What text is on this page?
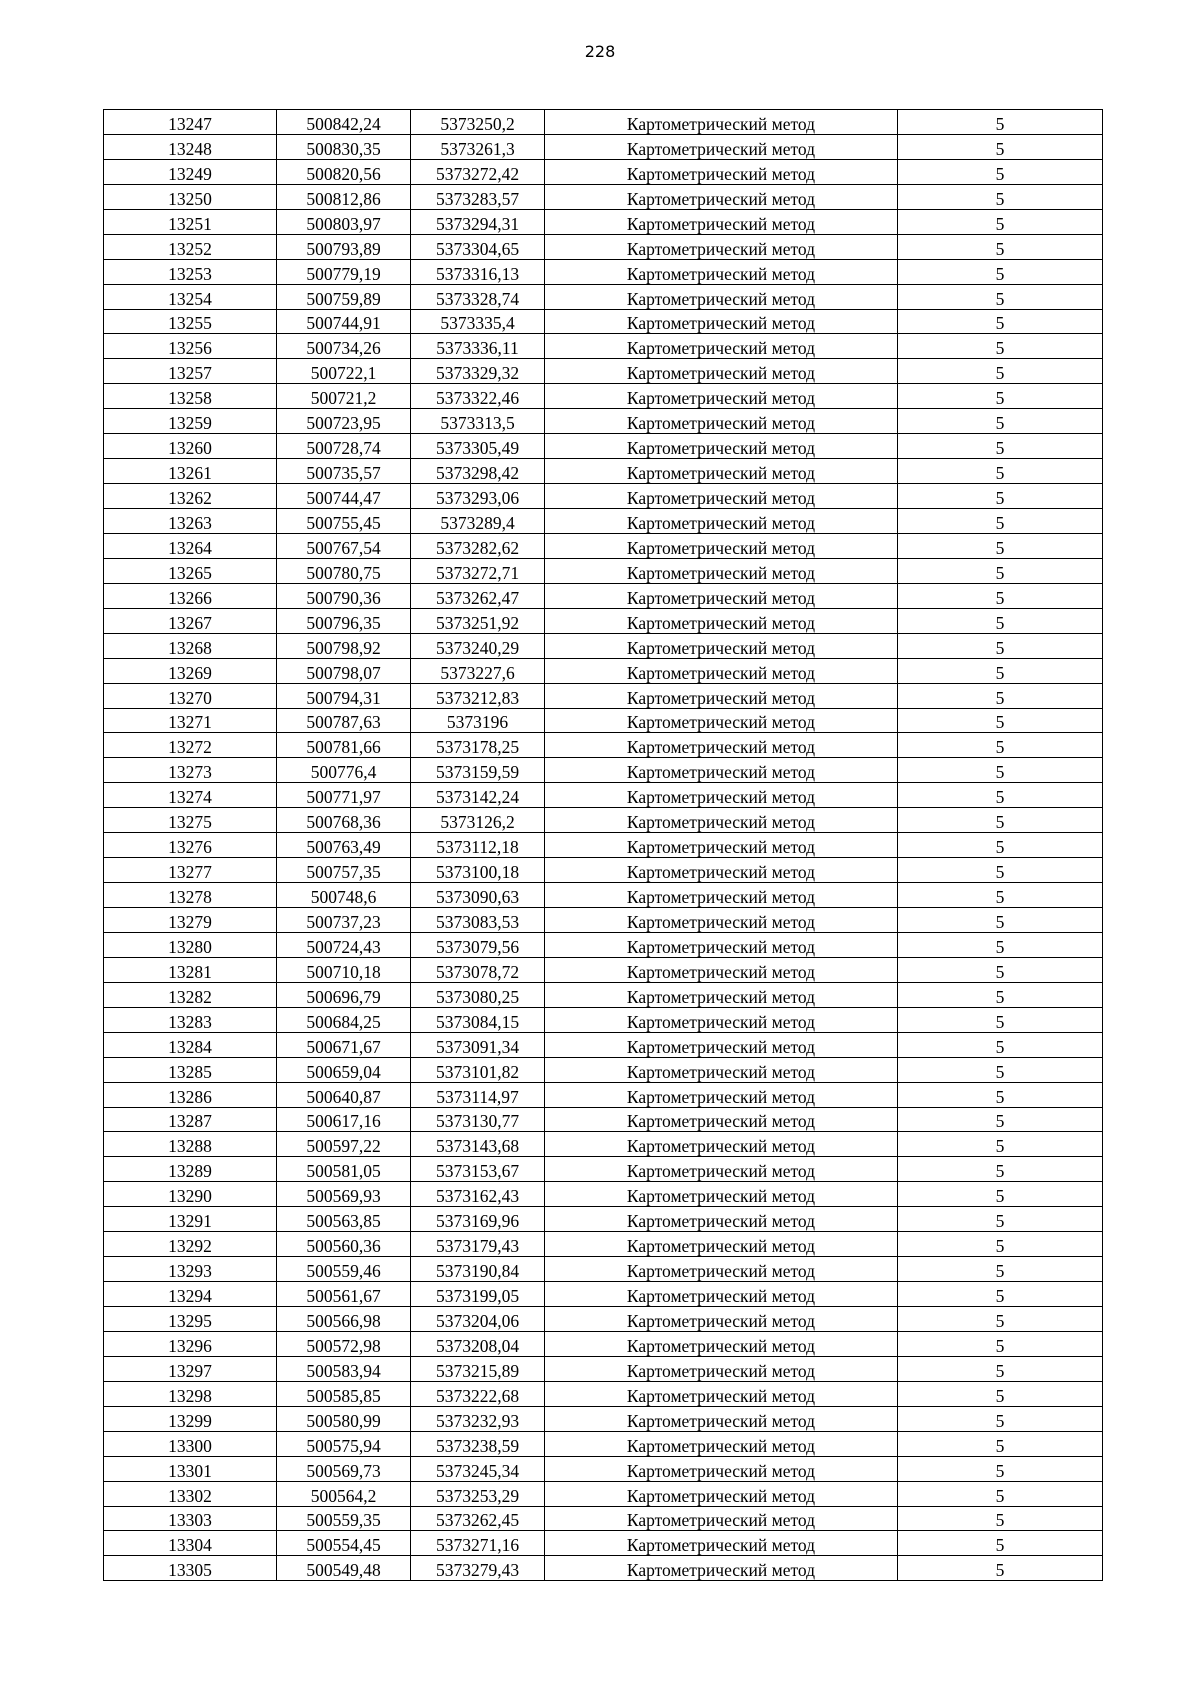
228
13247	500842,24	5373250,2	Картометрический метод	5
13248	500830,35	5373261,3	Картометрический метод	5
13249	500820,56	5373272,42	Картометрический метод	5
13250	500812,86	5373283,57	Картометрический метод	5
13251	500803,97	5373294,31	Картометрический метод	5
13252	500793,89	5373304,65	Картометрический метод	5
13253	500779,19	5373316,13	Картометрический метод	5
13254	500759,89	5373328,74	Картометрический метод	5
13255	500744,91	5373335,4	Картометрический метод	5
13256	500734,26	5373336,11	Картометрический метод	5
13257	500722,1	5373329,32	Картометрический метод	5
13258	500721,2	5373322,46	Картометрический метод	5
13259	500723,95	5373313,5	Картометрический метод	5
13260	500728,74	5373305,49	Картометрический метод	5
13261	500735,57	5373298,42	Картометрический метод	5
13262	500744,47	5373293,06	Картометрический метод	5
13263	500755,45	5373289,4	Картометрический метод	5
13264	500767,54	5373282,62	Картометрический метод	5
13265	500780,75	5373272,71	Картометрический метод	5
13266	500790,36	5373262,47	Картометрический метод	5
13267	500796,35	5373251,92	Картометрический метод	5
13268	500798,92	5373240,29	Картометрический метод	5
13269	500798,07	5373227,6	Картометрический метод	5
13270	500794,31	5373212,83	Картометрический метод	5
13271	500787,63	5373196	Картометрический метод	5
13272	500781,66	5373178,25	Картометрический метод	5
13273	500776,4	5373159,59	Картометрический метод	5
13274	500771,97	5373142,24	Картометрический метод	5
13275	500768,36	5373126,2	Картометрический метод	5
13276	500763,49	5373112,18	Картометрический метод	5
13277	500757,35	5373100,18	Картометрический метод	5
13278	500748,6	5373090,63	Картометрический метод	5
13279	500737,23	5373083,53	Картометрический метод	5
13280	500724,43	5373079,56	Картометрический метод	5
13281	500710,18	5373078,72	Картометрический метод	5
13282	500696,79	5373080,25	Картометрический метод	5
13283	500684,25	5373084,15	Картометрический метод	5
13284	500671,67	5373091,34	Картометрический метод	5
13285	500659,04	5373101,82	Картометрический метод	5
13286	500640,87	5373114,97	Картометрический метод	5
13287	500617,16	5373130,77	Картометрический метод	5
13288	500597,22	5373143,68	Картометрический метод	5
13289	500581,05	5373153,67	Картометрический метод	5
13290	500569,93	5373162,43	Картометрический метод	5
13291	500563,85	5373169,96	Картометрический метод	5
13292	500560,36	5373179,43	Картометрический метод	5
13293	500559,46	5373190,84	Картометрический метод	5
13294	500561,67	5373199,05	Картометрический метод	5
13295	500566,98	5373204,06	Картометрический метод	5
13296	500572,98	5373208,04	Картометрический метод	5
13297	500583,94	5373215,89	Картометрический метод	5
13298	500585,85	5373222,68	Картометрический метод	5
13299	500580,99	5373232,93	Картометрический метод	5
13300	500575,94	5373238,59	Картометрический метод	5
13301	500569,73	5373245,34	Картометрический метод	5
13302	500564,2	5373253,29	Картометрический метод	5
13303	500559,35	5373262,45	Картометрический метод	5
13304	500554,45	5373271,16	Картометрический метод	5
13305	500549,48	5373279,43	Картометрический метод	5
